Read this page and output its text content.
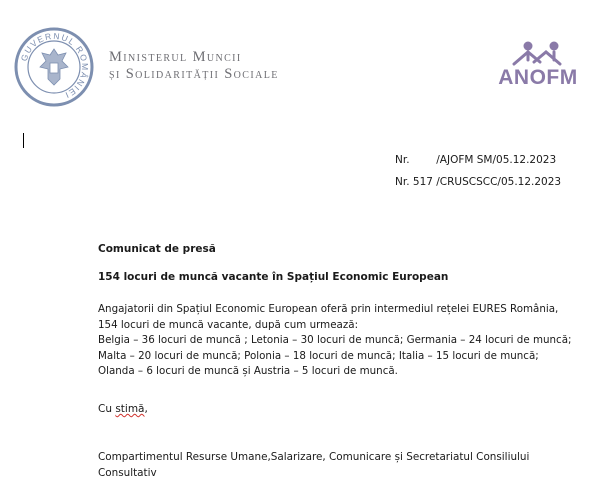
GUVERNUL ROMÂNIEI
Ministerul Muncii
și Solidarității Sociale	ANOFM
Nr.        /AJOFM SM/05.12.2023
Nr. 517 /CRUSCSCC/05.12.2023
Comunicat de presă
154 locuri de muncă vacante în Spațiul Economic European
Angajatorii din Spațiul Economic European oferă prin intermediul rețelei EURES România,
154 locuri de muncă vacante, după cum urmează:
Belgia – 36 locuri de muncă ; Letonia – 30 locuri de muncă; Germania – 24 locuri de muncă;
Malta – 20 locuri de muncă; Polonia – 18 locuri de muncă; Italia – 15 locuri de muncă;
Olanda – 6 locuri de muncă și Austria – 5 locuri de muncă.
Cu stimă,
Compartimentul Resurse Umane,Salarizare, Comunicare și Secretariatul Consiliului
Consultativ
